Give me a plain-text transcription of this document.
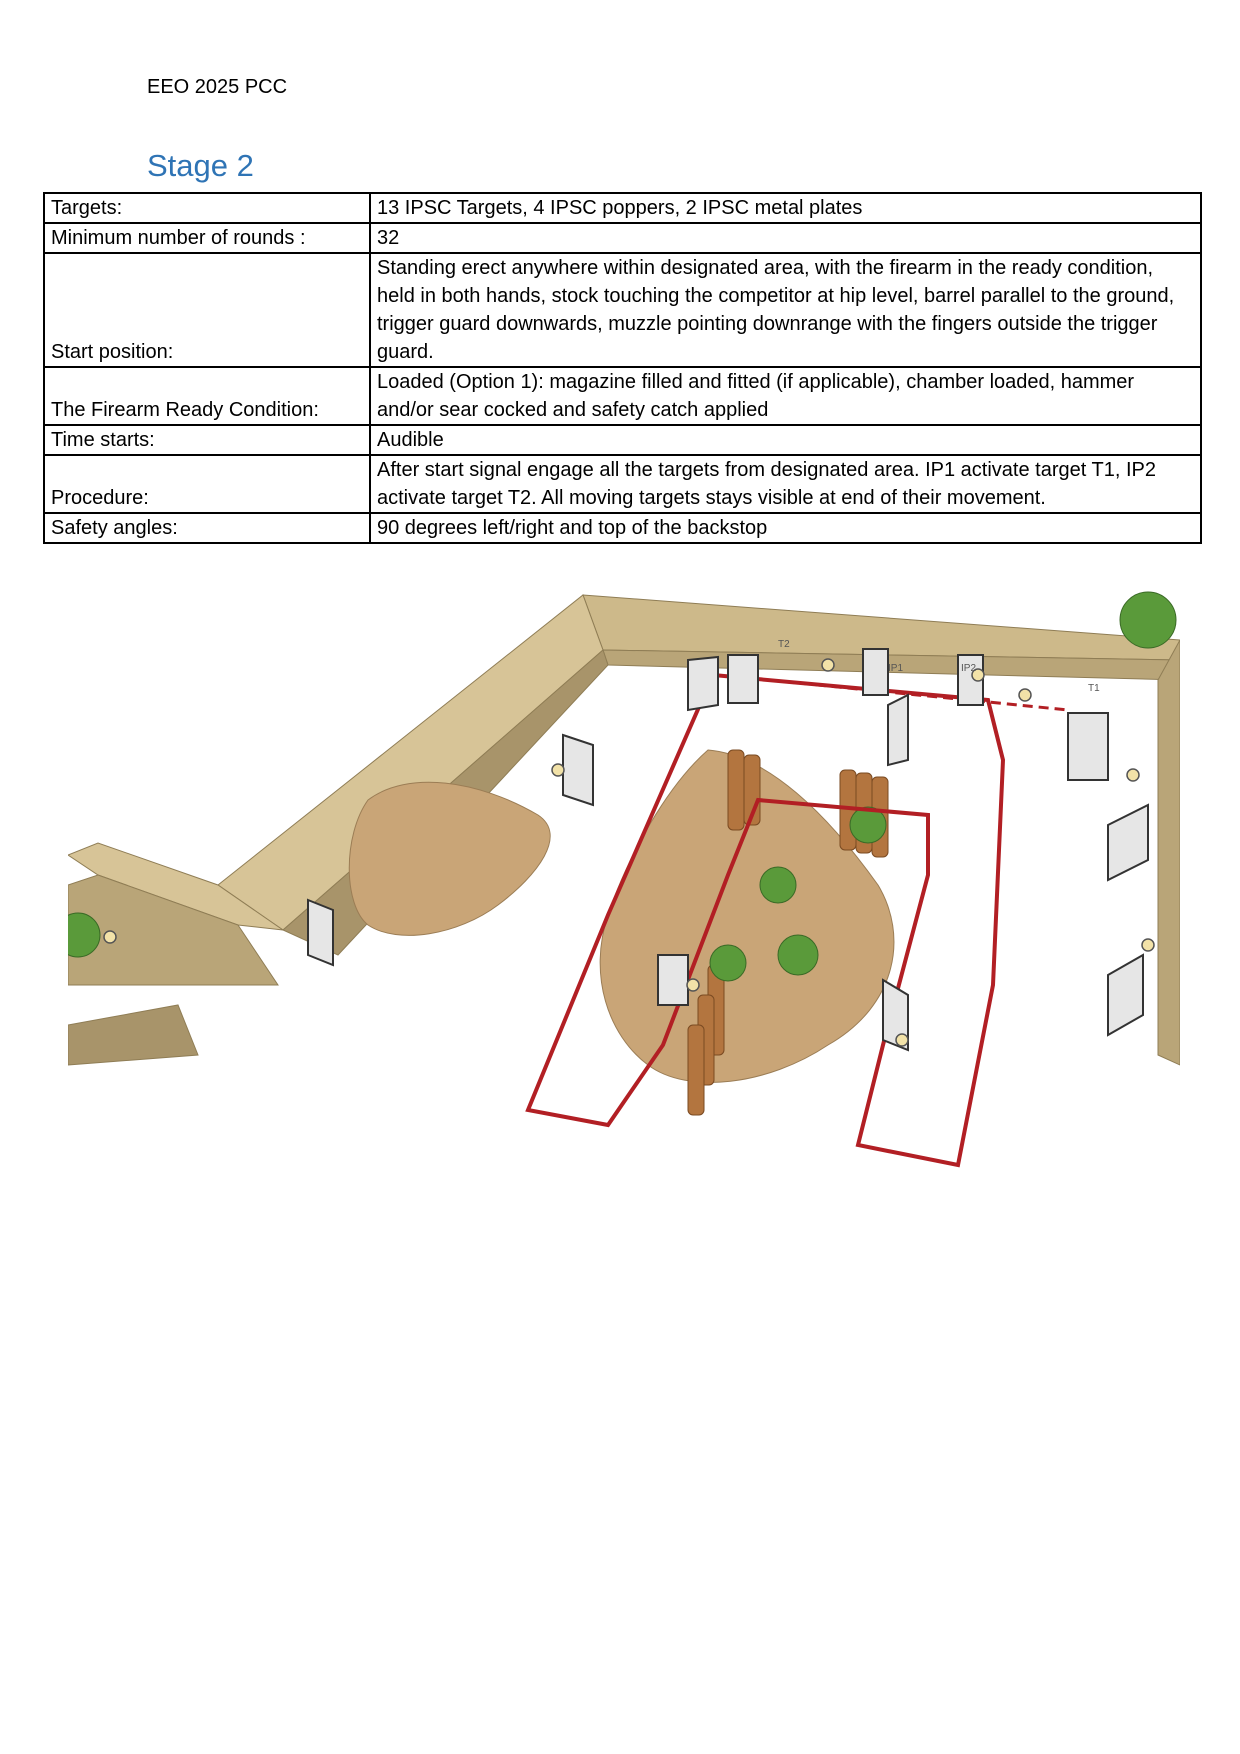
EEO 2025 PCC
Stage 2
Targets:	13 IPSC Targets, 4 IPSC poppers, 2 IPSC metal plates
Minimum number of rounds :	32
Start position:	Standing erect anywhere within designated area, with the firearm in the ready condition, held in both hands, stock touching the competitor at hip level, barrel parallel to the ground, trigger guard downwards, muzzle pointing downrange with the fingers outside the trigger guard.
The Firearm Ready Condition:	Loaded (Option 1): magazine filled and fitted (if applicable), chamber loaded, hammer and/or sear cocked and safety catch applied
Time starts:	Audible
Procedure:	After start signal engage all the targets from designated area. IP1 activate target T1, IP2 activate target T2. All moving targets stays visible at end of their movement.
Safety angles:	90 degrees left/right and top of the backstop
T2
IP1	IP2
T1
